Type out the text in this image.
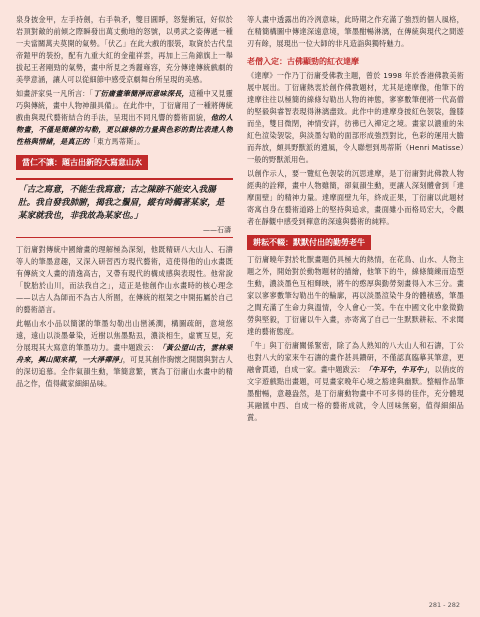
泉身披金甲，左手持劍，右手執矛，雙目圓睜，怒髮衝冠，好似於岩頂對敵的前傾之際瞬發出萬丈動地的怒號，以勇武之姿傳遞一種一夫當關萬夫莫開的氣勢。「伏乙」在此大戲的服裝，取資於古代皇帝鎧甲的裝扮，配有九重大紅的金龍祥雲，再加上三角錦旗上一舉拔起王者剛勁的氣勢，畫中所見之秀麗雍容，充分傳達傳統戲劇的美學意涵，讓人可以從細節中感受京劇舞台所呈現的美感。

如畫評家吳一凡所言：「丁衍庸畫筆簡淨而意味深長，這種中又見靈巧與傳統，畫中人物神韻具備」。在此作中，丁衍庸用了一種將傳統戲曲與現代藝術結合的手法，呈現出不同凡響的藝術面貌，他的人物畫，不僅是簡練的勾勒，更以線條的力量與色彩的對比表達人物性格與情緒，是真正的「東方馬蒂斯」。

當仁不讓：題古出新的大寫意山水
「古之寫意，不能生我寫意；古之陳跡不能安入我腸肚。我自發我肺腑，揭我之鬚眉，縱有時觸著某家，是某家就我也，非我故為某家也。」
——石濤

丁衍庸對傳統中國繪畫的理解極為深刻，他既精研八大山人、石濤等人的筆墨意趣，又深入研習西方現代藝術，這使得他的山水畫既有傳統文人畫的清逸高古，又帶有現代的構成感與表現性。他常說「脫胎於山川，而法我自之」，這正是他創作山水畫時的核心理念——以古人為師而不為古人所囿，在傳統的框架之中開拓屬於自己的藝術語言。

此幅山水小品以簡潔的筆墨勾勒出山巒溪澗，構圖疏朗，意境悠遠，遠山以淡墨暈染，近樹以焦墨點厾，濃淡相生，虛實互見，充分展現其大寫意的筆墨功力。畫中題跋云：「黃公望山古，雲林乘舟來，興山閒來禪，一大淨禪淨」，可見其創作胸懷之開闊與對古人的深切追慕。全作氣韻生動，筆簡意繁，實為丁衍庸山水畫中的精品之作，值得藏家細細品味。

等人畫中透露出的冷洌意味，此時期之作充滿了強烈的個人風格，在精簡構圖中傳達深遠意境，筆墨酣暢淋漓，在傳統與現代之間遊刃有餘，展現出一位大師的非凡造詣與獨特魅力。

老僧入定：古佛顯勁的紅衣達摩

《達摩》一作乃丁衍庸受佛教主題，曾於 1998 年於香港佛教美術展中展出。丁衍庸熱衷於創作佛教題材，尤其是達摩像，他筆下的達摩往往以極簡的線條勾勒出人物的神態，寥寥數筆便將一代高僧的堅毅與睿智表現得淋漓盡致。此作中的達摩身披紅色袈裟，盤膝而坐，雙目微閉，神情安詳，彷彿已入禪定之境。畫家以濃重的朱紅色渲染袈裟，與淡墨勾勒的面部形成強烈對比，色彩的運用大膽而奔放，頗具野獸派的遺風，令人聯想到馬蒂斯（Henri Matisse）一般的野獸派用色。

以創作示人，要一覽紅色袈裟的沉思達摩，是丁衍庸對此佛教人物經典的詮釋，畫中人物雖簡，卻氣韻生動，更讓人深刻體會到「達摩面壁」的精神力量。達摩面壁九年，終成正果，丁衍庸以此題材寄寓自身在藝術道路上的堅持與追求，畫面雖小而格局宏大，令觀者在靜觀中感受到禪意的深遠與藝術的純粹。

耕耘不輟：默默付出的勤勞老牛

丁衍庸曉年對於牝獸畫題仍具極大的熱情，在花鳥、山水、人物主題之外，開始對於動物題材的描繪，他筆下的牛，線條簡練而造型生動，濃淡墨色互相輝映，將牛的憨厚與勤勞刻畫得入木三分。畫家以寥寥數筆勾勒出牛的輪廓，再以淡墨渲染牛身的體積感，筆墨之間充滿了生命力與溫情，令人會心一笑。牛在中國文化中象徵勤勞與堅毅，丁衍庸以牛入畫，亦寄寓了自己一生默默耕耘、不求聞達的藝術態度。

「牛」與丁衍庸關係緊密，除了為人熟知的八大山人和石濤，丁公也對八大的家來牛石濤的畫作甚具鑽研，不僅認真臨摹其筆意，更融會貫通，自成一家。畫中題跋云：「牛耳牛，牛耳牛」，以俏皮的文字遊戲點出畫題，可見畫家晚年心境之豁達與幽默。整幅作品筆墨酣暢，意趣盎然，是丁衍庸動物畫中不可多得的佳作，充分體現其融匯中西、自成一格的藝術成就，令人回味無窮，值得細細品賞。

281 - 282
